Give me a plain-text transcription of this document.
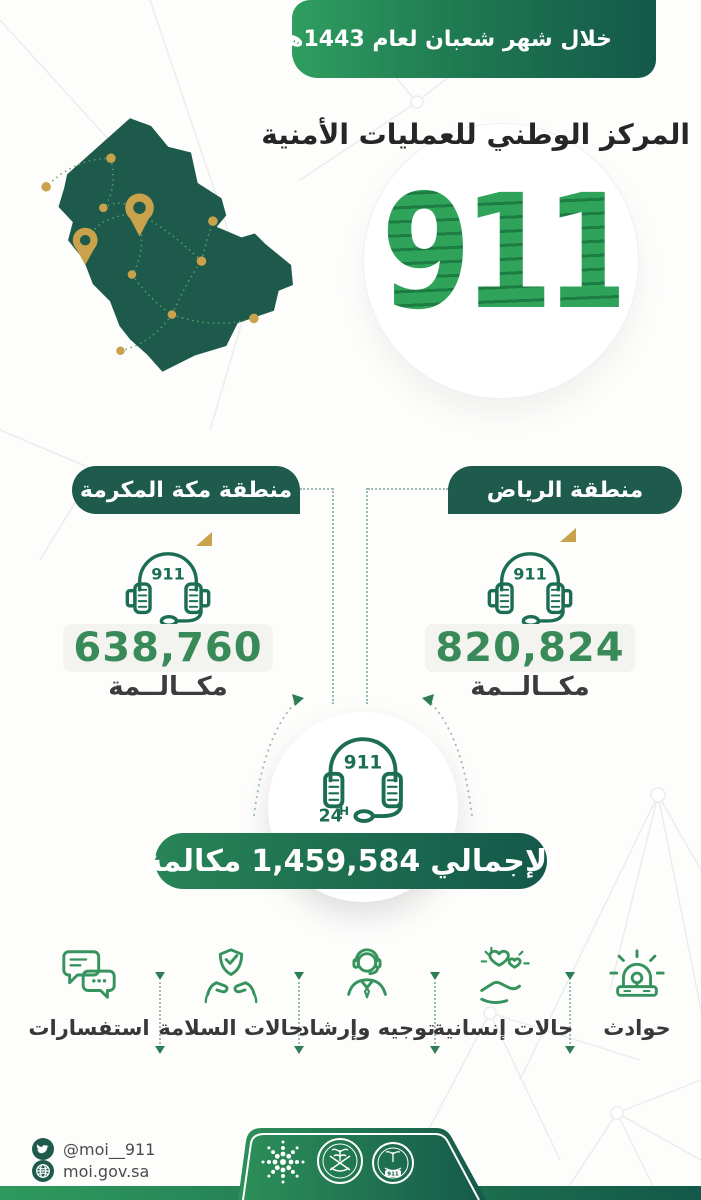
خلال شهر شعبان لعام 1443هـ
المركز الوطني للعمليات الأمنية
911
منطقة مكة المكرمة	منطقة الرياض
911
638,760
مكــالــمة
911
820,824
مكــالــمة
911
24
H
الإجمالي
1,459,584
مكالمة
حوادث
حالات إنسانية
توجيه وإرشاد
حالات السلامة
استفسارات
@moi__911
moi.gov.sa	911
